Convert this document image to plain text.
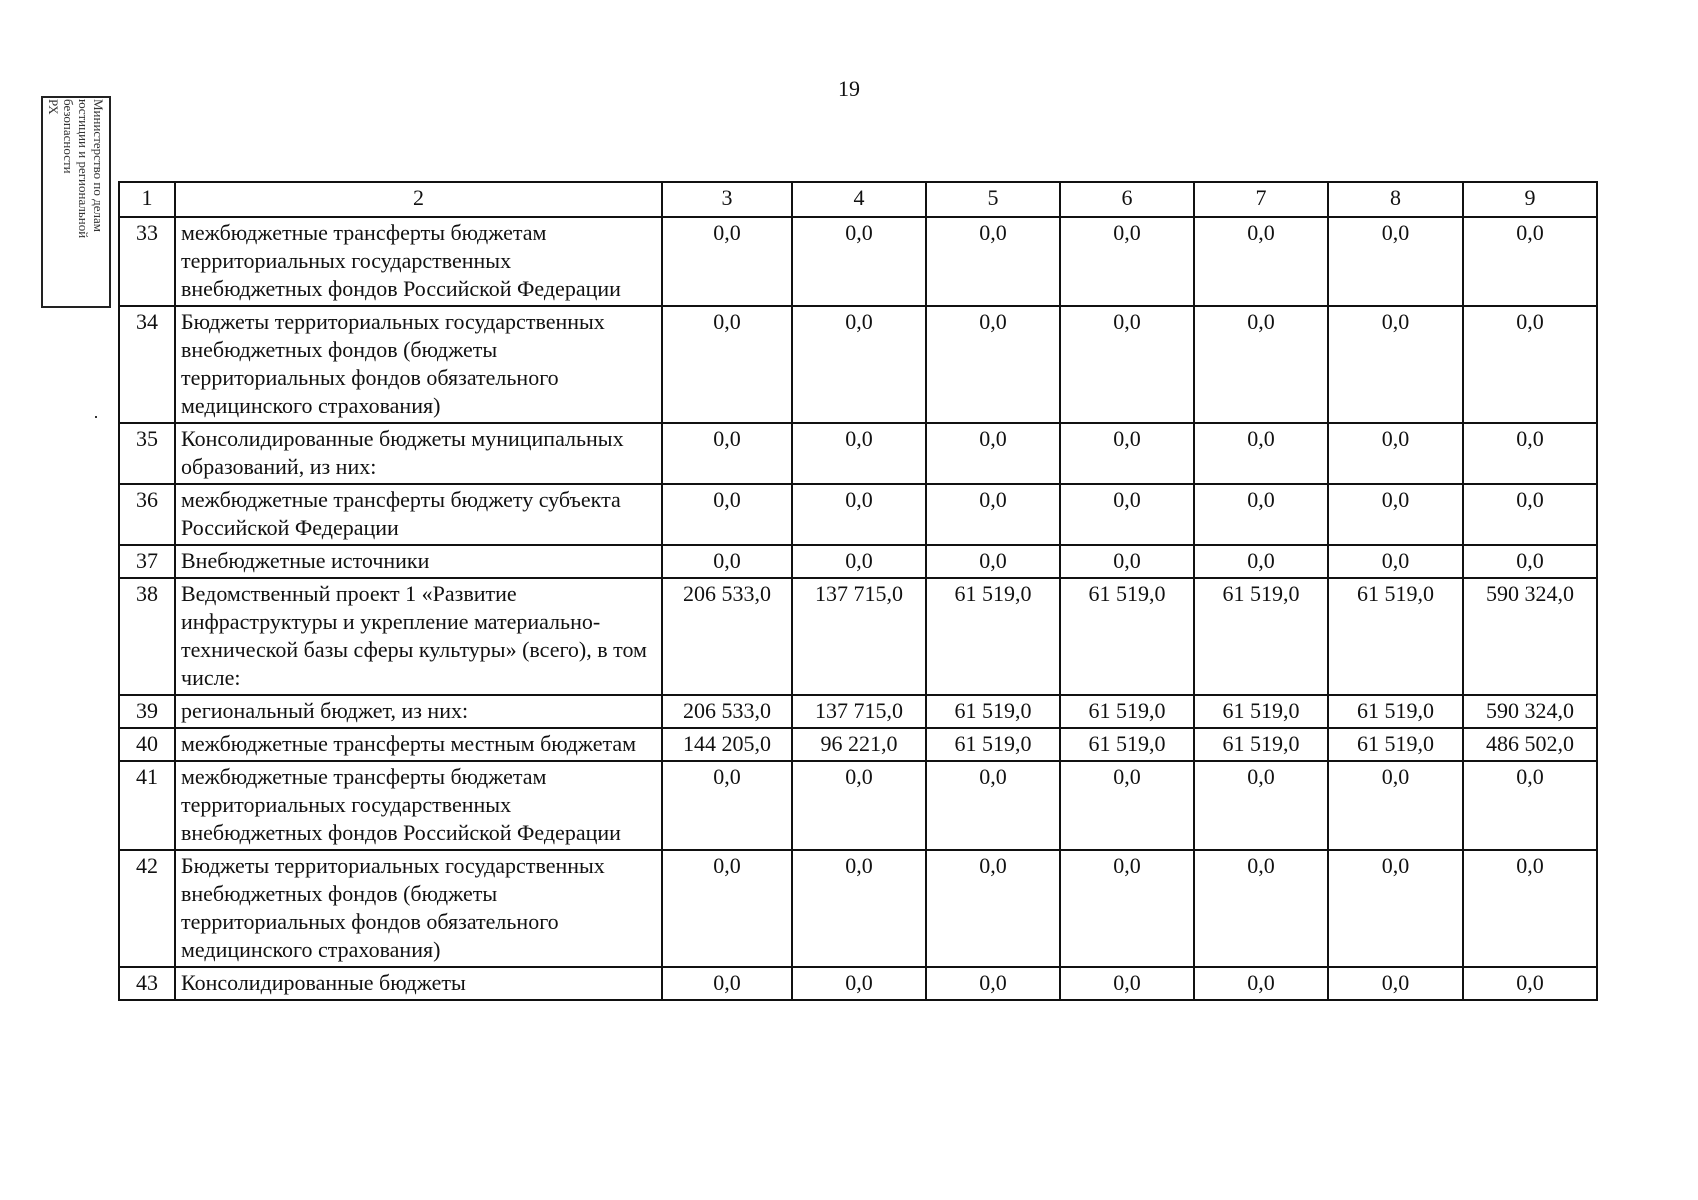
19
Министерство по делам
юстиции и региональной
безопасности
РХ
1	2	3	4	5	6	7	8	9
33	межбюджетные трансферты бюджетам территориальных государственных внебюджетных фондов Российской Федерации	0,0	0,0	0,0	0,0	0,0	0,0	0,0
34	Бюджеты территориальных государственных внебюджетных фондов (бюджеты территориальных фондов обязательного медицинского страхования)	0,0	0,0	0,0	0,0	0,0	0,0	0,0
35	Консолидированные бюджеты муниципальных образований, из них:	0,0	0,0	0,0	0,0	0,0	0,0	0,0
36	межбюджетные трансферты бюджету субъекта Российской Федерации	0,0	0,0	0,0	0,0	0,0	0,0	0,0
37	Внебюджетные источники	0,0	0,0	0,0	0,0	0,0	0,0	0,0
38	Ведомственный проект 1 «Развитие инфраструктуры и укрепление материально-технической базы сферы культуры» (всего), в том числе:	206 533,0	137 715,0	61 519,0	61 519,0	61 519,0	61 519,0	590 324,0
39	региональный бюджет, из них:	206 533,0	137 715,0	61 519,0	61 519,0	61 519,0	61 519,0	590 324,0
40	межбюджетные трансферты местным бюджетам	144 205,0	96 221,0	61 519,0	61 519,0	61 519,0	61 519,0	486 502,0
41	межбюджетные трансферты бюджетам территориальных государственных внебюджетных фондов Российской Федерации	0,0	0,0	0,0	0,0	0,0	0,0	0,0
42	Бюджеты территориальных государственных внебюджетных фондов (бюджеты территориальных фондов обязательного медицинского страхования)	0,0	0,0	0,0	0,0	0,0	0,0	0,0
43	Консолидированные бюджеты	0,0	0,0	0,0	0,0	0,0	0,0	0,0
